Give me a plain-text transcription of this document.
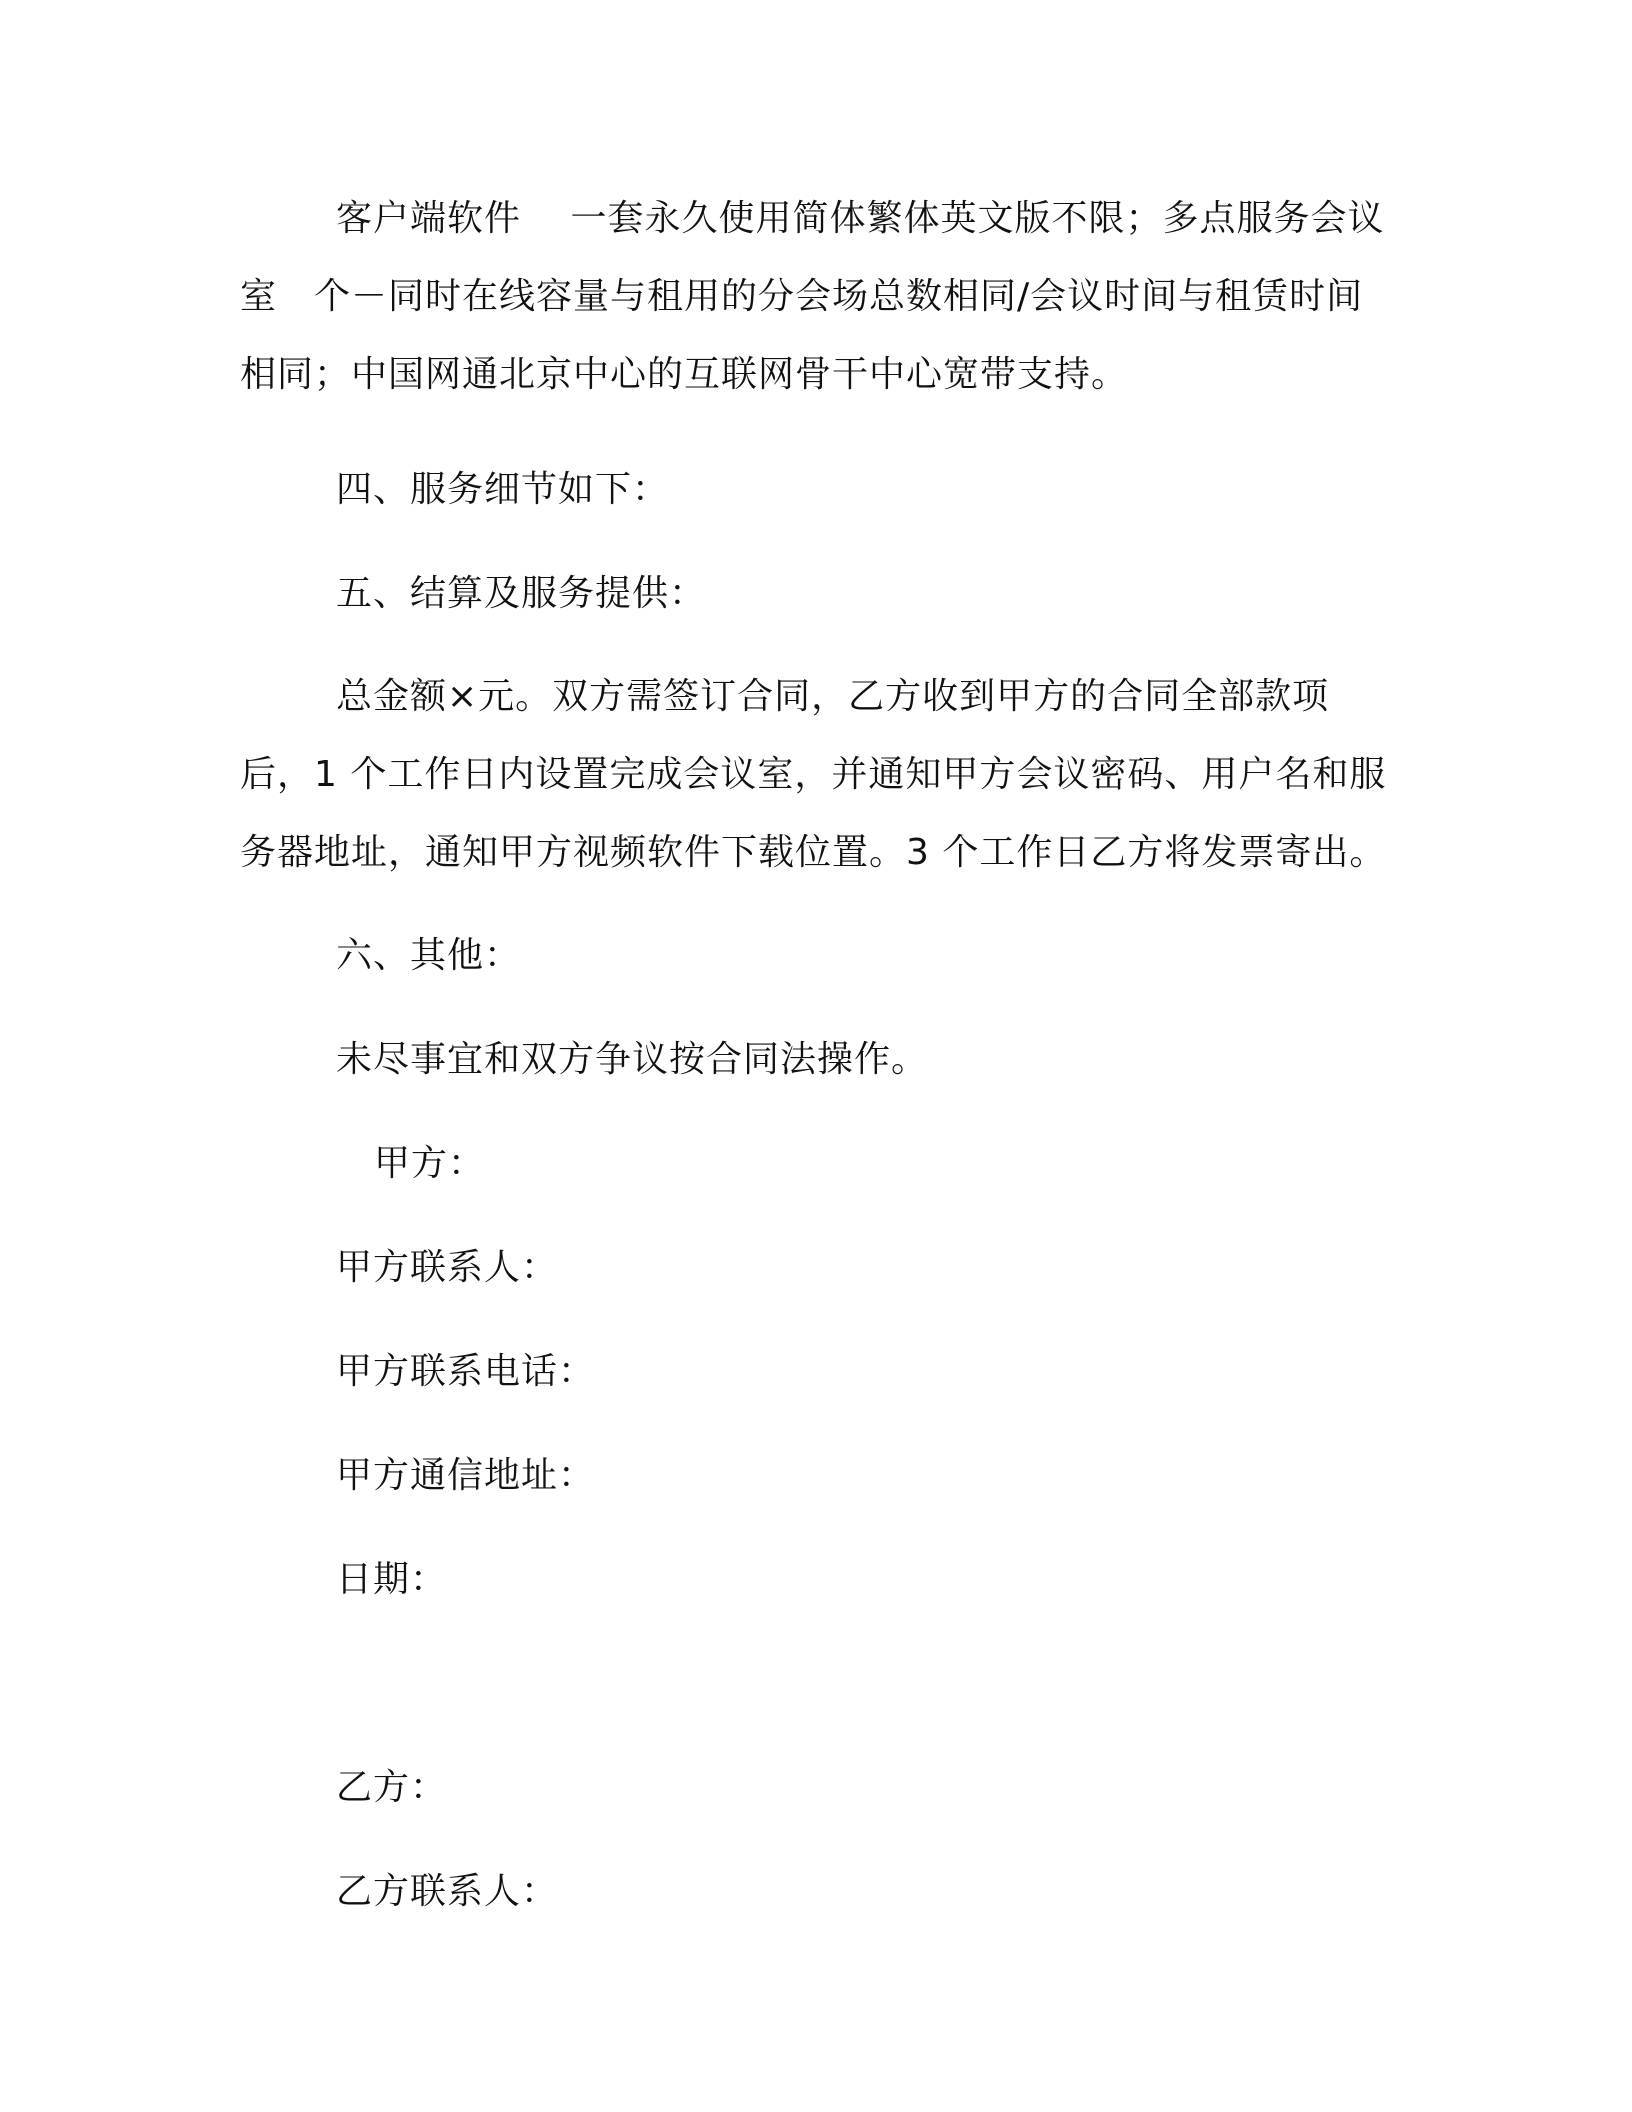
客户端软件　 一套永久使用简体繁体英文版不限；多点服务会议室　个－同时在线容量与租用的分会场总数相同/会议时间与租赁时间相同；中国网通北京中心的互联网骨干中心宽带支持。

四、服务细节如下：

五、结算及服务提供：

总金额×元。双方需签订合同，乙方收到甲方的合同全部款项后，1 个工作日内设置完成会议室，并通知甲方会议密码、用户名和服务器地址，通知甲方视频软件下载位置。3 个工作日乙方将发票寄出。

六、其他：

未尽事宜和双方争议按合同法操作。

甲方：

甲方联系人：

甲方联系电话：

甲方通信地址：

日期：

乙方：

乙方联系人：
